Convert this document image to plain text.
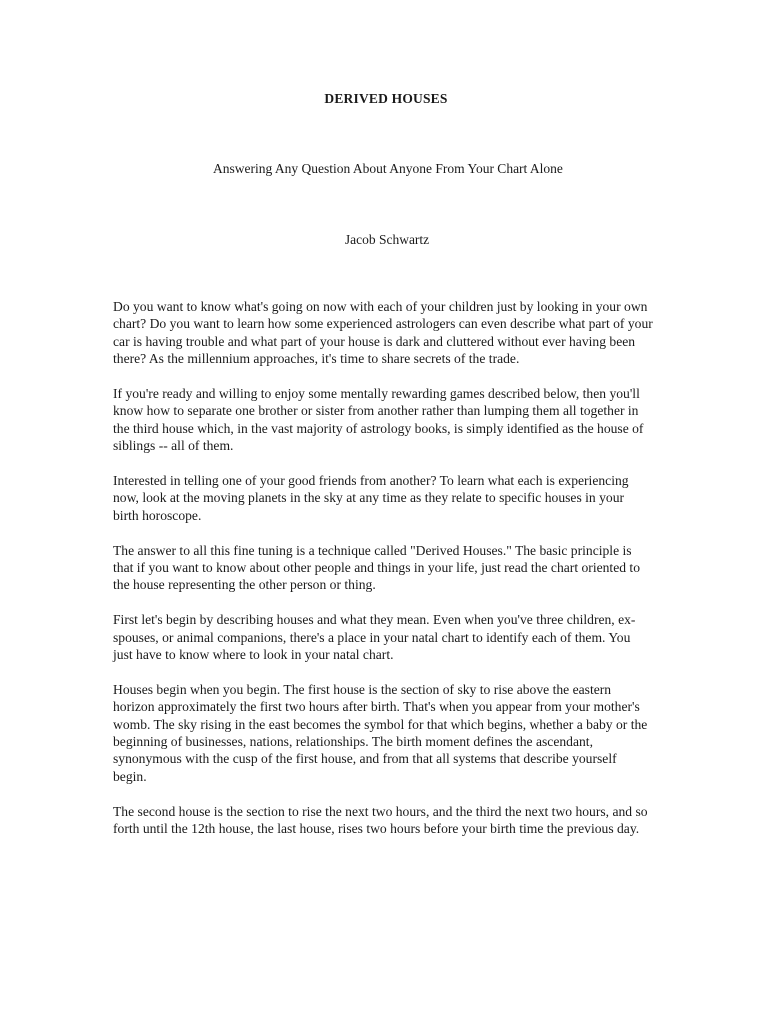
DERIVED HOUSES
Answering Any Question About Anyone From Your Chart Alone
Jacob Schwartz

Do you want to know what's going on now with each of your children just by looking in your own chart? Do you want to learn how some experienced astrologers can even describe what part of your car is having trouble and what part of your house is dark and cluttered without ever having been there? As the millennium approaches, it's time to share secrets of the trade.

If you're ready and willing to enjoy some mentally rewarding games described below, then you'll know how to separate one brother or sister from another rather than lumping them all together in the third house which, in the vast majority of astrology books, is simply identified as the house of siblings -- all of them.

Interested in telling one of your good friends from another? To learn what each is experiencing now, look at the moving planets in the sky at any time as they relate to specific houses in your birth horoscope.

The answer to all this fine tuning is a technique called "Derived Houses." The basic principle is that if you want to know about other people and things in your life, just read the chart oriented to the house representing the other person or thing.

First let's begin by describing houses and what they mean. Even when you've three children, ex-spouses, or animal companions, there's a place in your natal chart to identify each of them. You just have to know where to look in your natal chart.

Houses begin when you begin. The first house is the section of sky to rise above the eastern horizon approximately the first two hours after birth. That's when you appear from your mother's womb. The sky rising in the east becomes the symbol for that which begins, whether a baby or the beginning of businesses, nations, relationships. The birth moment defines the ascendant, synonymous with the cusp of the first house, and from that all systems that describe yourself begin.

The second house is the section to rise the next two hours, and the third the next two hours, and so forth until the 12th house, the last house, rises two hours before your birth time the previous day.
